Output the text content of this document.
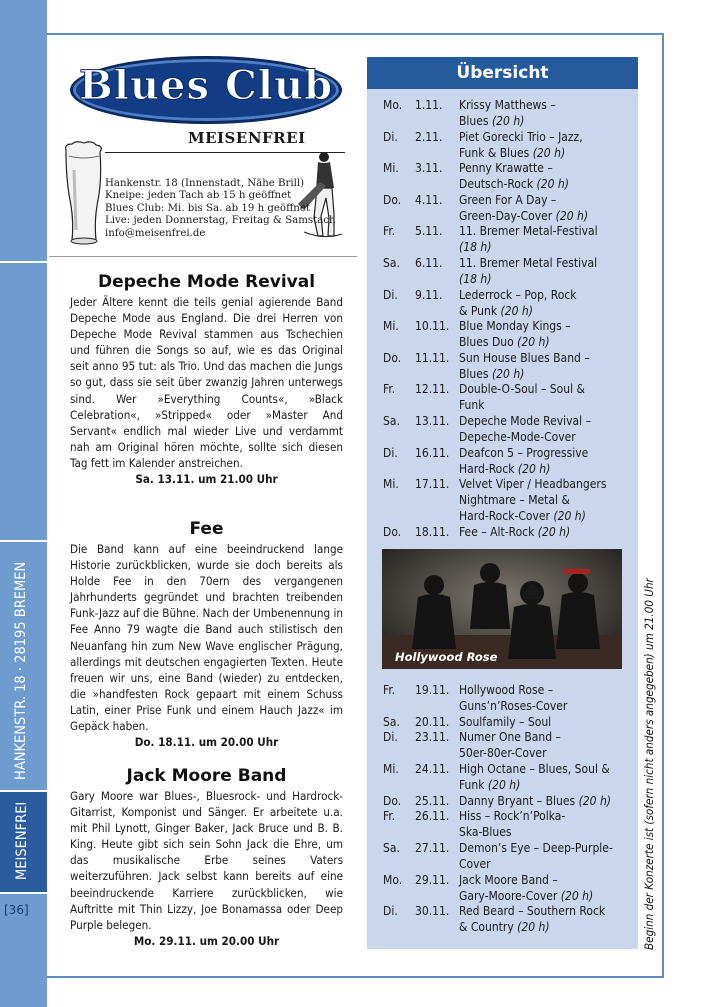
HANKENSTR. 18 · 28195 BREMEN
MEISENFREI
[36]
Blues Club
MEISENFREI
Hankenstr. 18 (Innenstadt, Nähe Brill)
Kneipe: jeden Tach ab 15 h geöffnet
Blues Club: Mi. bis Sa. ab 19 h geöffnet
Live: jeden Donnerstag, Freitag & Samstach
info@meisenfrei.de
Depeche Mode Revival
Jeder Ältere kennt die teils genial agierende Band Depeche Mode aus England. Die drei Herren von Depeche Mode Revival stammen aus Tschechien und führen die Songs so auf, wie es das Original seit anno 95 tut: als Trio. Und das machen die Jungs so gut, dass sie seit über zwanzig Jahren unterwegs sind. Wer »Everything Counts«, »Black Celebration«, »Stripped« oder »Master And Servant« endlich mal wieder Live und verdammt nah am Original hören möchte, sollte sich diesen Tag fett im Kalender anstreichen.
Sa. 13.11. um 21.00 Uhr
Fee
Die Band kann auf eine beeindruckend lange Historie zurückblicken, wurde sie doch bereits als Holde Fee in den 70ern des vergangenen Jahrhunderts gegründet und brachten treibenden Funk-Jazz auf die Bühne. Nach der Umbenennung in Fee Anno 79 wagte die Band auch stilistisch den Neuanfang hin zum New Wave englischer Prägung, allerdings mit deutschen engagierten Texten. Heute freuen wir uns, eine Band (wieder) zu entdecken, die »handfesten Rock gepaart mit einem Schuss Latin, einer Prise Funk und einem Hauch Jazz« im Gepäck haben.
Do. 18.11. um 20.00 Uhr
Jack Moore Band
Gary Moore war Blues-, Bluesrock- und Hardrock-Gitarrist, Komponist und Sänger. Er arbeitete u.a. mit Phil Lynott, Ginger Baker, Jack Bruce und B. B. King. Heute gibt sich sein Sohn Jack die Ehre, um das musikalische Erbe seines Vaters weiterzuführen. Jack selbst kann bereits auf eine beeindruckende Karriere zurückblicken, wie Auftritte mit Thin Lizzy, Joe Bonamassa oder Deep Purple belegen.
Mo. 29.11. um 20.00 Uhr
Übersicht
Mo.	1.11.	Krissy Matthews –
Blues (20 h)
Di.	2.11.	Piet Gorecki Trio – Jazz,
Funk & Blues (20 h)
Mi.	3.11.	Penny Krawatte –
Deutsch-Rock (20 h)
Do.	4.11.	Green For A Day –
Green-Day-Cover (20 h)
Fr.	5.11.	11. Bremer Metal-Festival
(18 h)
Sa.	6.11.	11. Bremer Metal Festival
(18 h)
Di.	9.11.	Lederrock – Pop, Rock
& Punk (20 h)
Mi.	10.11. Blue Monday Kings –
Blues Duo (20 h)
Do.	11.11. Sun House Blues Band –
Blues (20 h)
Fr.	12.11. Double-O-Soul – Soul &
Funk
Sa.	13.11. Depeche Mode Revival –
Depeche-Mode-Cover
Di.	16.11. Deafcon 5 – Progressive
Hard-Rock (20 h)
Mi.	17.11. Velvet Viper / Headbangers
Nightmare – Metal &
Hard-Rock-Cover (20 h)
Do.	18.11. Fee – Alt-Rock (20 h)
Fr.	19.11. Hollywood Rose –
Guns’n’Roses-Cover
Sa.	20.11. Soulfamily – Soul
Di.	23.11. Numer One Band –
50er-80er-Cover
Mi.	24.11. High Octane – Blues, Soul &
Funk (20 h)
Do.	25.11. Danny Bryant – Blues (20 h)
Fr.	26.11. Hiss – Rock’n’Polka-
Ska-Blues
Sa.	27.11. Demon’s Eye – Deep-Purple-
Cover
Mo.	29.11. Jack Moore Band –
Gary-Moore-Cover (20 h)
Di.	30.11. Red Beard – Southern Rock
& Country (20 h)
Hollywood Rose	Beginn der Konzerte ist (sofern nicht anders angegeben) um 21.00 Uhr
